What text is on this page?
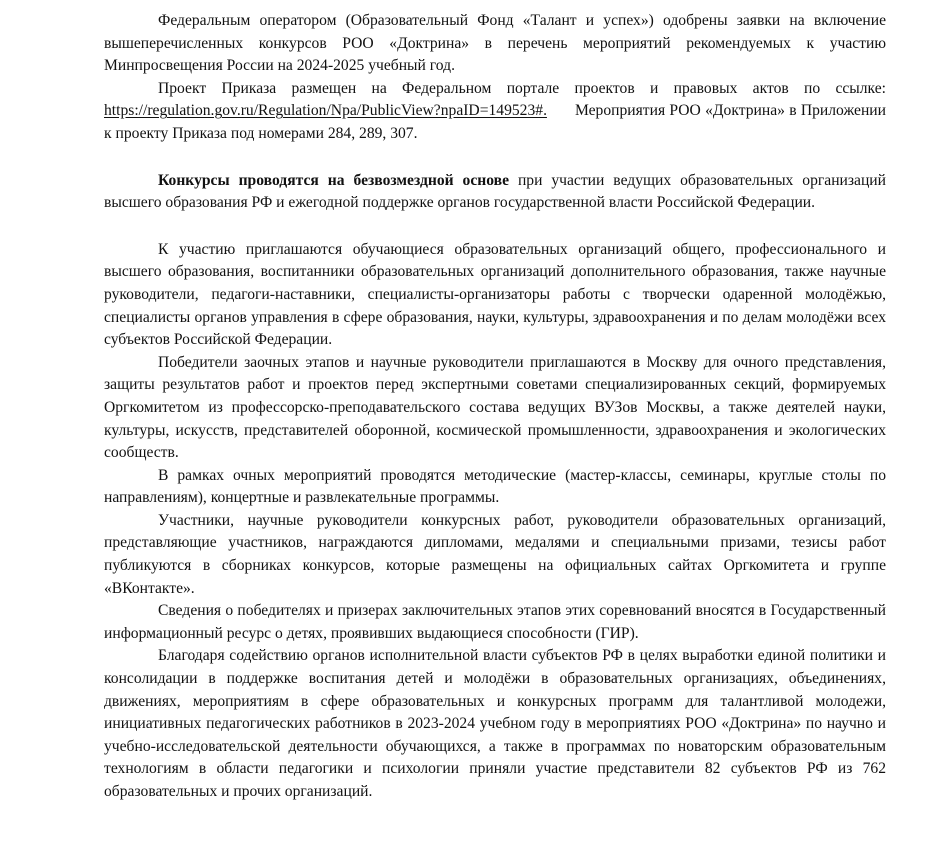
Федеральным оператором (Образовательный Фонд «Талант и успех») одобрены заявки на включение вышеперечисленных конкурсов РОО «Доктрина» в перечень мероприятий рекомендуемых к участию Минпросвещения России на 2024-2025 учебный год.

Проект Приказа размещен на Федеральном портале проектов и правовых актов по ссылке: https://regulation.gov.ru/Regulation/Npa/PublicView?npaID=149523#. Мероприятия РОО «Доктрина» в Приложении к проекту Приказа под номерами 284, 289, 307.

Конкурсы проводятся на безвозмездной основе при участии ведущих образовательных организаций высшего образования РФ и ежегодной поддержке органов государственной власти Российской Федерации.

К участию приглашаются обучающиеся образовательных организаций общего, профессионального и высшего образования, воспитанники образовательных организаций дополнительного образования, также научные руководители, педагоги-наставники, специалисты-организаторы работы с творчески одаренной молодёжью, специалисты органов управления в сфере образования, науки, культуры, здравоохранения и по делам молодёжи всех субъектов Российской Федерации.

Победители заочных этапов и научные руководители приглашаются в Москву для очного представления, защиты результатов работ и проектов перед экспертными советами специализированных секций, формируемых Оргкомитетом из профессорско-преподавательского состава ведущих ВУЗов Москвы, а также деятелей науки, культуры, искусств, представителей оборонной, космической промышленности, здравоохранения и экологических сообществ.

В рамках очных мероприятий проводятся методические (мастер-классы, семинары, круглые столы по направлениям), концертные и развлекательные программы.

Участники, научные руководители конкурсных работ, руководители образовательных организаций, представляющие участников, награждаются дипломами, медалями и специальными призами, тезисы работ публикуются в сборниках конкурсов, которые размещены на официальных сайтах Оргкомитета и группе «ВКонтакте».

Сведения о победителях и призерах заключительных этапов этих соревнований вносятся в Государственный информационный ресурс о детях, проявивших выдающиеся способности (ГИР).

Благодаря содействию органов исполнительной власти субъектов РФ в целях выработки единой политики и консолидации в поддержке воспитания детей и молодёжи в образовательных организациях, объединениях, движениях, мероприятиям в сфере образовательных и конкурсных программ для талантливой молодежи, инициативных педагогических работников в 2023-2024 учебном году в мероприятиях РОО «Доктрина» по научно и учебно-исследовательской деятельности обучающихся, а также в программах по новаторским образовательным технологиям в области педагогики и психологии приняли участие представители 82 субъектов РФ из 762 образовательных и прочих организаций.
